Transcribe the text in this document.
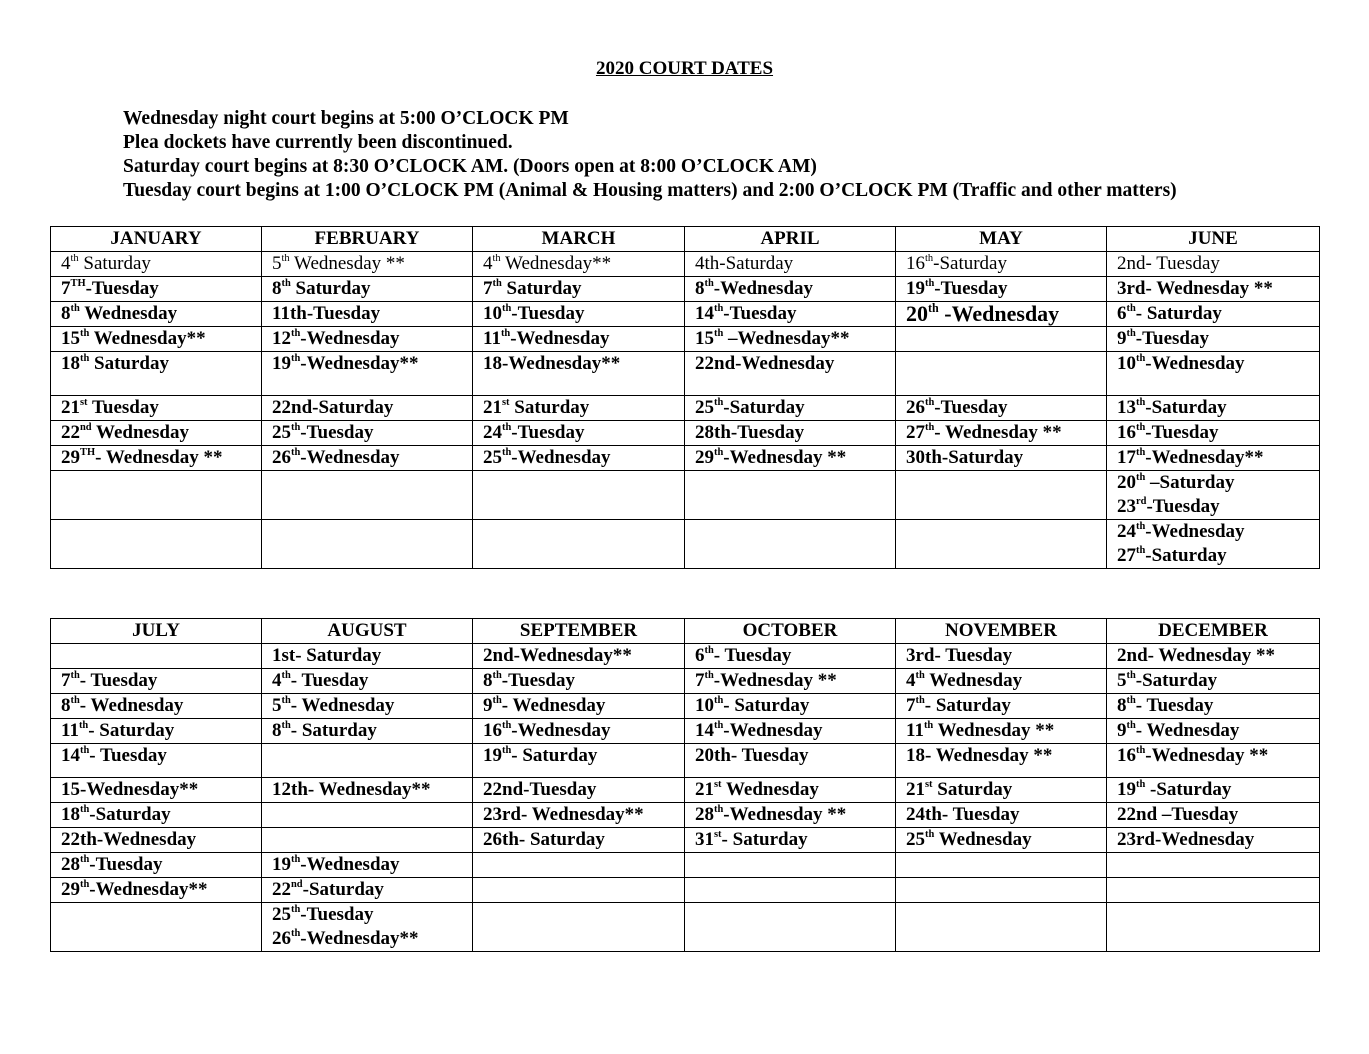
2020 COURT DATES
Wednesday night court begins at 5:00 O’CLOCK PM
Plea dockets have currently been discontinued.
Saturday court begins at 8:30 O’CLOCK AM. (Doors open at 8:00 O’CLOCK AM)
Tuesday court begins at 1:00 O’CLOCK PM (Animal & Housing matters) and 2:00 O’CLOCK PM (Traffic and other matters)
JANUARY	FEBRUARY	MARCH	APRIL	MAY	JUNE

4th Saturday	5th Wednesday **	4th Wednesday**	4th-Saturday	16th-Saturday	2nd- Tuesday

7TH-Tuesday	8th Saturday	7th Saturday	8th-Wednesday	19th-Tuesday	3rd- Wednesday **

8th Wednesday	11th-Tuesday	10th-Tuesday	14th-Tuesday	20th -Wednesday	6th- Saturday

15th Wednesday**	12th-Wednesday	11th-Wednesday	15th –Wednesday**		9th-Tuesday

18th Saturday	19th-Wednesday**	18-Wednesday**	22nd-Wednesday		10th-Wednesday

21st Tuesday	22nd-Saturday	21st Saturday	25th-Saturday	26th-Tuesday	13th-Saturday

22nd Wednesday	25th-Tuesday	24th-Tuesday	28th-Tuesday	27th- Wednesday **	16th-Tuesday

29TH- Wednesday **	26th-Wednesday	25th-Wednesday	29th-Wednesday **	30th-Saturday	17th-Wednesday**

					20th –Saturday
23rd-Tuesday

					24th-Wednesday
27th-Saturday
JULY	AUGUST	SEPTEMBER	OCTOBER	NOVEMBER	DECEMBER

	1st- Saturday	2nd-Wednesday**	6th- Tuesday	3rd- Tuesday	2nd- Wednesday **

7th- Tuesday	4th- Tuesday	8th-Tuesday	7th-Wednesday **	4th Wednesday	5th-Saturday

8th- Wednesday	5th- Wednesday	9th- Wednesday	10th- Saturday	7th- Saturday	8th- Tuesday

11th- Saturday	8th- Saturday	16th-Wednesday	14th-Wednesday	11th Wednesday **	9th- Wednesday

14th- Tuesday		19th- Saturday	20th- Tuesday	18- Wednesday **	16th-Wednesday **

15-Wednesday**	12th- Wednesday**	22nd-Tuesday	21st Wednesday	21st Saturday	19th -Saturday

18th-Saturday		23rd- Wednesday**	28th-Wednesday **	24th- Tuesday	22nd –Tuesday

22th-Wednesday		26th- Saturday	31st- Saturday	25th Wednesday	23rd-Wednesday

28th-Tuesday	19th-Wednesday				

29th-Wednesday**	22nd-Saturday				

	25th-Tuesday
26th-Wednesday**				
